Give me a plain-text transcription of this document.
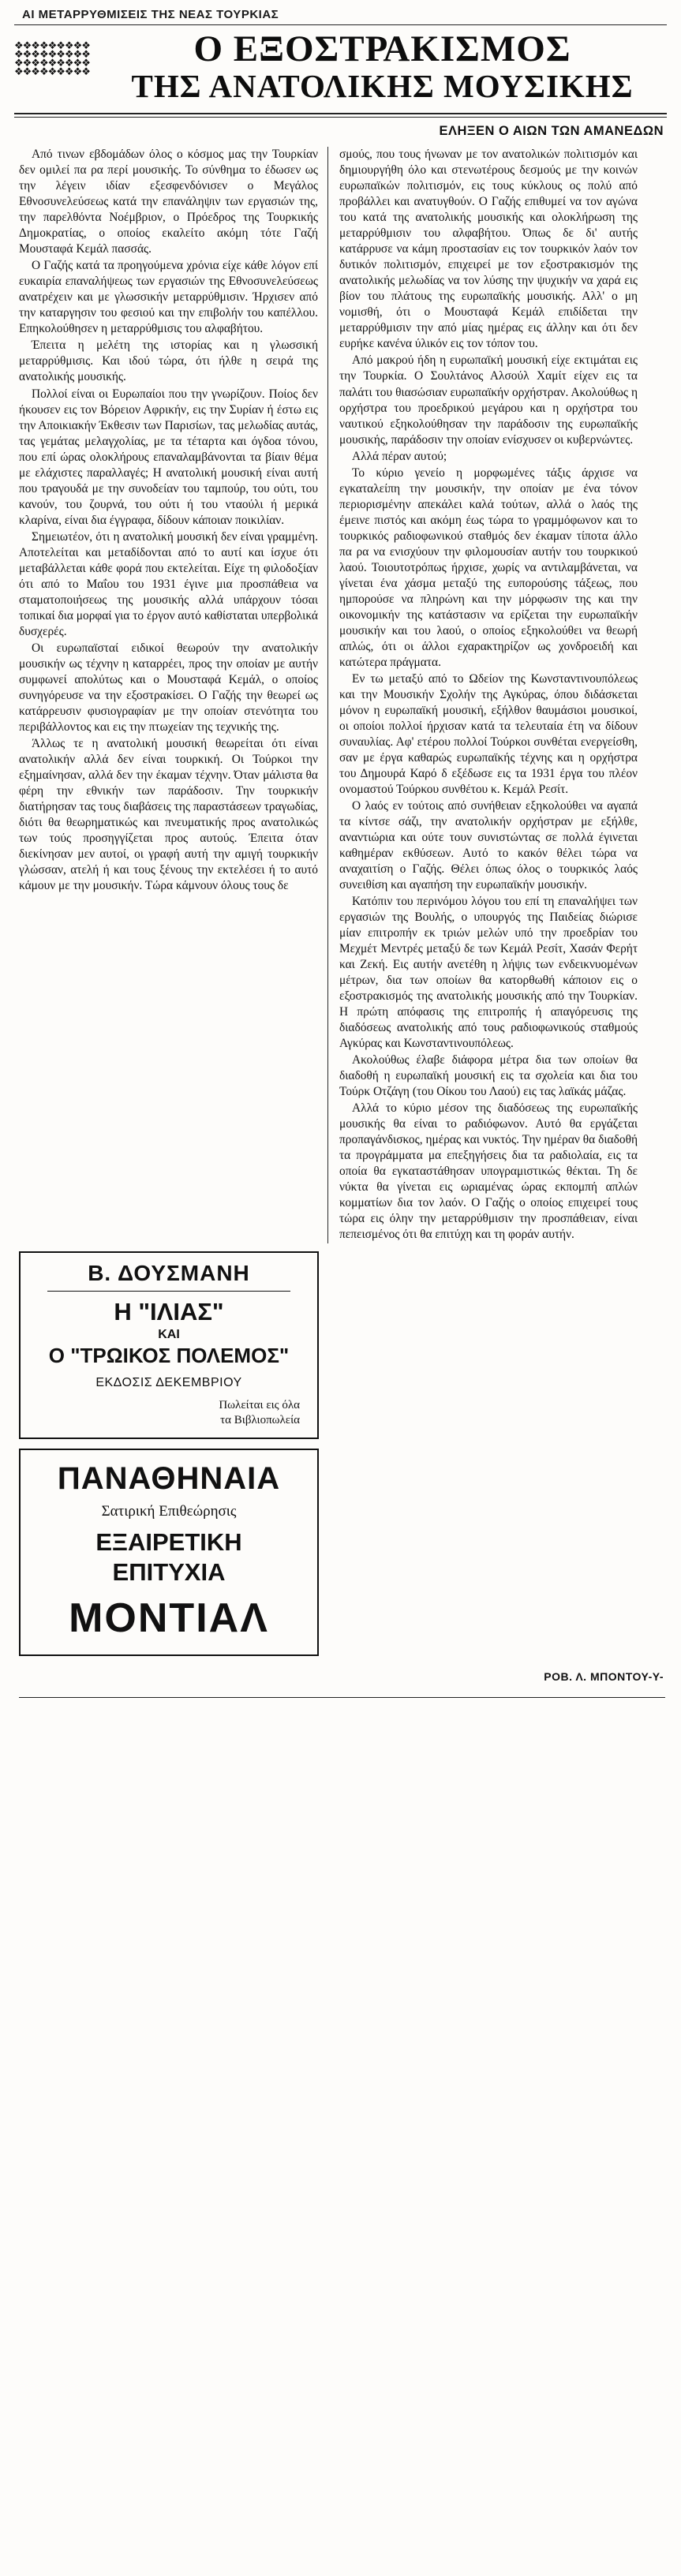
ΑΙ ΜΕΤΑΡΡΥΘΜΙΣΕΙΣ ΤΗΣ ΝΕΑΣ ΤΟΥΡΚΙΑΣ
❖❖❖❖❖❖❖❖❖
❖❖❖❖❖❖❖❖❖
❖❖❖❖❖❖❖❖❖
❖❖❖❖❖❖❖❖❖
Ο ΕΞΟΣΤΡΑΚΙΣΜΟΣ
ΤΗΣ ΑΝΑΤΟΛΙΚΗΣ ΜΟΥΣΙΚΗΣ
ΕΛΗΞΕΝ Ο ΑΙΩΝ ΤΩΝ ΑΜΑΝΕΔΩΝ

Από τινων εβδομάδων όλος ο κόσμος μας την Τουρκίαν δεν ομιλεί πα ρα περί μουσικής. Το σύνθημα το έδωσεν ως την λέγειν ιδίαν εξεσφενδόνισεν ο Μεγάλος Εθνοσυνελεύσεως κατά την επανάληψιν των εργασιών της, την παρελθόντα Νοέμβριον, ο Πρόεδρος της Τουρκικής Δημοκρατίας, ο οποίος εκαλείτο ακόμη τότε Γαζή Μουσταφά Κεμάλ πασσάς.

Ο Γαζής κατά τα προηγούμενα χρόνια είχε κάθε λόγον επί ευκαιρία επαναλήψεως των εργασιών της Εθνοσυνελεύσεως ανατρέχειν και με γλωσσικήν μεταρρύθμισιν. Ήρχισεν από την καταργησιν του φεσιού και την επιβολήν του καπέλλου. Επηκολούθησεν η μεταρρύθμισις του αλφαβήτου.

Έπειτα η μελέτη της ιστορίας και η γλωσσική μεταρρύθμισις. Και ιδού τώρα, ότι ήλθε η σειρά της ανατολικής μουσικής.

Πολλοί είναι οι Ευρωπαίοι που την γνωρίζουν. Ποίος δεν ήκουσεν εις τον Βόρειον Αφρικήν, εις την Συρίαν ή έστω εις την Αποικιακήν Έκθεσιν των Παρισίων, τας μελωδίας αυτάς, τας γεμάτας μελαγχολίας, με τα τέταρτα και όγδοα τόνου, που επί ώρας ολοκλήρους επαναλαμβάνονται τα βίαιν θέμα με ελάχιστες παραλλαγές; Η ανατολική μουσική είναι αυτή που τραγουδά με την συνοδείαν του ταμπούρ, του ούτι, του κανούν, του ζουρνά, του ούτι ή του νταούλι ή μερικά κλαρίνα, είναι δια έγγραφα, δίδουν κάποιαν ποικιλίαν.

Σημειωτέον, ότι η ανατολική μουσική δεν είναι γραμμένη. Αποτελείται και μεταδίδονται από το αυτί και ίσχυε ότι μεταβάλλεται κάθε φορά που εκτελείται. Είχε τη φιλοδοξίαν ότι από το Μαΐου του 1931 έγινε μια προσπάθεια να σταματοποιήσεως της μουσικής αλλά υπάρχουν τόσαι τοπικαί δια μορφαί για το έργον αυτό καθίσταται υπερβολικά δυσχερές.

Οι ευρωπαϊσταί ειδικοί θεωρούν την ανατολικήν μουσικήν ως τέχνην η καταρρέει, προς την οποίαν με αυτήν συμφωνεί απολύτως και ο Μουσταφά Κεμάλ, ο οποίος συνηγόρευσε να την εξοστρακίσει. Ο Γαζής την θεωρεί ως κατάρρευσιν φυσιογραφίαν με την οποίαν στενότητα του περιβάλλοντος και εις την πτωχείαν της τεχνικής της.

Άλλως τε η ανατολική μουσική θεωρείται ότι είναι ανατολικήν αλλά δεν είναι τουρκική. Οι Τούρκοι την εξημαίνησαν, αλλά δεν την έκαμαν τέχνην. Όταν μάλιστα θα φέρη την εθνικήν των παράδοσιν. Την τουρκικήν διατήρησαν τας τους διαβάσεις της παραστάσεων τραγωδίας, διότι θα θεωρηματικώς και πνευματικής προς ανατολικώς των τούς προσηγγίζεται προς αυτούς. Έπειτα όταν διεκίνησαν μεν αυτοί, οι γραφή αυτή την αμιγή τουρκικήν γλώσσαν, ατελή ή και τους ξένους την εκτελέσει ή το αυτό κάμουν με την μουσικήν. Τώρα κάμνουν όλους τους δε

σμούς, που τους ήνωναν με τον ανατολικών πολιτισμόν και δημιουργήθη όλο και στενωτέρους δεσμούς με την κοινών ευρωπαϊκών πολιτισμόν, εις τους κύκλους ος πολύ από προβάλλει και ανατυγθούν. Ο Γαζής επιθυμεί να τον αγώνα του κατά της ανατολικής μουσικής και ολοκλήρωση της μεταρρύθμισιν του αλφαβήτου. Όπως δε δι' αυτής κατάρρυσε να κάμη προστασίαν εις τον τουρκικόν λαόν τον δυτικόν πολιτισμόν, επιχειρεί με τον εξοστρακισμόν της ανατολικής μελωδίας να τον λύσης την ψυχικήν να χαρά εις βίον του πλάτους της ευρωπαϊκής μουσικής. Αλλ' ο μη νομισθή, ότι ο Μουσταφά Κεμάλ επιδίδεται την μεταρρύθμισιν την από μίας ημέρας εις άλλην και ότι δεν ευρήκε κανένα ύλικόν εις τον τόπον του.

Από μακρού ήδη η ευρωπαϊκή μουσική είχε εκτιμάται εις την Τουρκία. Ο Σουλτάνος Αλσούλ Χαμίτ είχεν εις τα παλάτι του θιασώσιαν ευρωπαϊκήν ορχήστραν. Ακολούθως η ορχήστρα του προεδρικού μεγάρου και η ορχήστρα του ναυτικού εξηκολούθησαν την παράδοσιν της ευρωπαϊκής μουσικής, παράδοσιν την οποίαν ενίσχυσεν οι κυβερνώντες.

Αλλά πέραν αυτού;

Το κύριο γενείο η μορφωμένες τάξις άρχισε να εγκαταλείπη την μουσικήν, την οποίαν με ένα τόνον περιορισμένην απεκάλει καλά τούτων, αλλά ο λαός της έμεινε πιστός και ακόμη έως τώρα το γραμμόφωνον και το τουρκικός ραδιοφωνικού σταθμός δεν έκαμαν τίποτα άλλο πα ρα να ενισχύουν την φιλομουσίαν αυτήν του τουρκικού λαού. Τοιουτοτρόπως ήρχισε, χωρίς να αντιλαμβάνεται, να γίνεται ένα χάσμα μεταξύ της ευπορούσης τάξεως, που ημπορούσε να πληρώνη και την μόρφωσιν της και την οικονομικήν της κατάστασιν να ερίζεται την ευρωπαϊκήν μουσικήν και του λαού, ο οποίος εξηκολούθει να θεωρή απλώς, ότι οι άλλοι εχαρακτηρίζον ως χονδροειδή και κατώτερα πράγματα.

Εν τω μεταξύ από το Ωδείον της Κωνσταντινουπόλεως και την Μουσικήν Σχολήν της Αγκύρας, όπου διδάσκεται μόνον η ευρωπαϊκή μουσική, εξήλθον θαυμάσιοι μουσικοί, οι οποίοι πολλοί ήρχισαν κατά τα τελευταία έτη να δίδουν συναυλίας. Αφ' ετέρου πολλοί Τούρκοι συνθέται ενεργείσθη, σαν με έργα καθαρώς ευρωπαϊκής τέχνης και η ορχήστρα του Δημουρά Καρό δ εξέδωσε εις τα 1931 έργα του πλέον ονομαστού Τούρκου συνθέτου κ. Κεμάλ Ρεσίτ.

Ο λαός εν τούτοις από συνήθειαν εξηκολούθει να αγαπά τα κίντσε σάζι, την ανατολικήν ορχήστραν με εξήλθε, αναντιώρια και ούτε τουν συνιστώντας σε πολλά έγινεται καθημέραν εκθύσεων. Αυτό το κακόν θέλει τώρα να αναχαιτίση ο Γαζής. Θέλει όπως όλος ο τουρκικός λαός συνειθίση και αγαπήση την ευρωπαϊκήν μουσικήν.

Κατόπιν του περινόμου λόγου του επί τη επαναλήψει των εργασιών της Βουλής, ο υπουργός της Παιδείας διώρισε μίαν επιτροπήν εκ τριών μελών υπό την προεδρίαν του Μεχμέτ Μεντρές μεταξύ δε των Κεμάλ Ρεσίτ, Χασάν Φερήτ και Ζεκή. Εις αυτήν ανετέθη η λήψις των ενδεικνυομένων μέτρων, δια των οποίων θα κατορθωθή κάποιον εις ο εξοστρακισμός της ανατολικής μουσικής από την Τουρκίαν. Η πρώτη απόφασις της επιτροπής ή απαγόρευσις της διαδόσεως ανατολικής από τους ραδιοφωνικούς σταθμούς Αγκύρας και Κωνσταντινουπόλεως.

Ακολούθως έλαβε διάφορα μέτρα δια των οποίων θα διαδοθή η ευρωπαϊκή μουσική εις τα σχολεία και δια του Τούρκ Οτζάγη (του Οίκου του Λαού) εις τας λαϊκάς μάζας.

Αλλά το κύριο μέσον της διαδόσεως της ευρωπαϊκής μουσικής θα είναι το ραδιόφωνον. Αυτό θα εργάζεται προπαγάνδισκος, ημέρας και νυκτός. Την ημέραν θα διαδοθή τα προγράμματα μα επεξηγήσεις δια τα ραδιολαία, εις τα οποία θα εγκαταστάθησαν υπογραμιστικώς θέκται. Τη δε νύκτα θα γίνεται εις ωριαμένας ώρας εκπομπή απλών κομματίων δια τον λαόν. Ο Γαζής ο οποίος επιχειρεί τους τώρα εις όλην την μεταρρύθμισιν την προσπάθειαν, είναι πεπεισμένος ότι θα επιτύχη και τη φοράν αυτήν.

Β. ΔΟΥΣΜΑΝΗ
Η "ΙΛΙΑΣ"
ΚΑΙ
Ο "ΤΡΩΙΚΟΣ ΠΟΛΕΜΟΣ"
ΕΚΔΟΣΙΣ ΔΕΚΕΜΒΡΙΟΥ
Πωλείται εις όλα
τα Βιβλιοπωλεία
ΠΑΝΑΘΗΝΑΙΑ
Σατιρική Επιθεώρησις
ΕΞΑΙΡΕΤΙΚΗ
ΕΠΙΤΥΧΙΑ
ΜΟΝΤΙΑΛ
ΡΟΒ. Λ. ΜΠΟΝΤΟΥ-Υ-
